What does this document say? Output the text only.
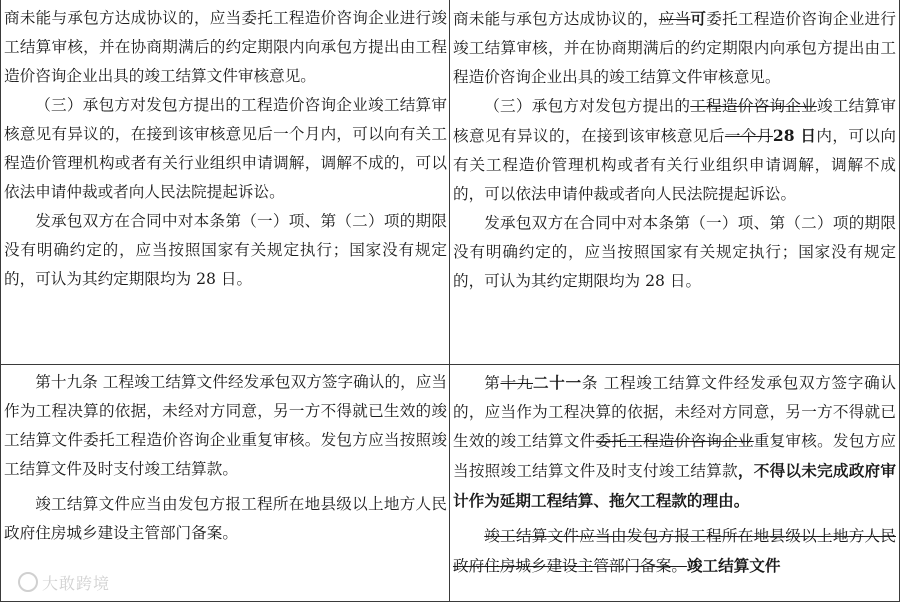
商未能与承包方达成协议的，应当委托工程造价咨询企业进行竣工结算审核，并在协商期满后的约定期限内向承包方提出由工程造价咨询企业出具的竣工结算文件审核意见。

（三）承包方对发包方提出的工程造价咨询企业竣工结算审核意见有异议的，在接到该审核意见后一个月内，可以向有关工程造价管理机构或者有关行业组织申请调解，调解不成的，可以依法申请仲裁或者向人民法院提起诉讼。

发承包双方在合同中对本条第（一）项、第（二）项的期限没有明确约定的，应当按照国家有关规定执行；国家没有规定的，可认为其约定期限均为 28 日。

第十九条 工程竣工结算文件经发承包双方签字确认的，应当作为工程决算的依据，未经对方同意，另一方不得就已生效的竣工结算文件委托工程造价咨询企业重复审核。发包方应当按照竣工结算文件及时支付竣工结算款。

竣工结算文件应当由发包方报工程所在地县级以上地方人民政府住房城乡建设主管部门备案。

商未能与承包方达成协议的，应当可委托工程造价咨询企业进行竣工结算审核，并在协商期满后的约定期限内向承包方提出由工程造价咨询企业出具的竣工结算文件审核意见。

（三）承包方对发包方提出的工程造价咨询企业竣工结算审核意见有异议的，在接到该审核意见后一个月28 日内，可以向有关工程造价管理机构或者有关行业组织申请调解，调解不成的，可以依法申请仲裁或者向人民法院提起诉讼。

发承包双方在合同中对本条第（一）项、第（二）项的期限没有明确约定的，应当按照国家有关规定执行；国家没有规定的，可认为其约定期限均为 28 日。

第十九二十一条 工程竣工结算文件经发承包双方签字确认的，应当作为工程决算的依据，未经对方同意，另一方不得就已生效的竣工结算文件委托工程造价咨询企业重复审核。发包方应当按照竣工结算文件及时支付竣工结算款，不得以未完成政府审计作为延期工程结算、拖欠工程款的理由。

竣工结算文件应当由发包方报工程所在地县级以上地方人民政府住房城乡建设主管部门备案。竣工结算文件

大敢跨境
